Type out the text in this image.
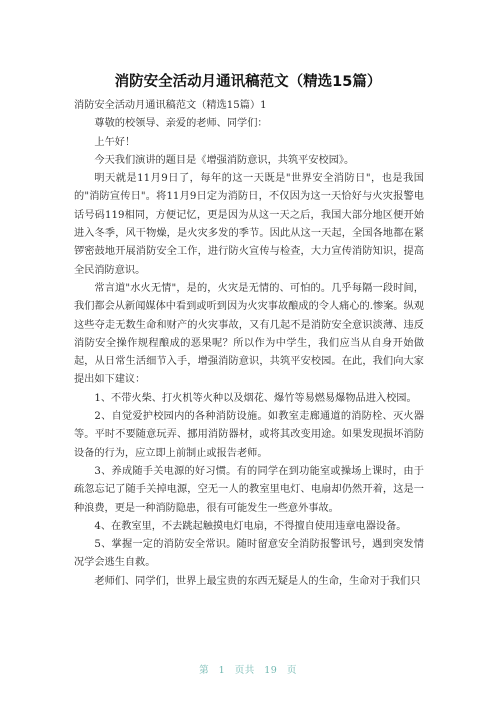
消防安全活动月通讯稿范文（精选15篇）

消防安全活动月通讯稿范文（精选15篇）1

尊敬的校领导、亲爱的老师、同学们：

上午好！

今天我们演讲的题目是《增强消防意识，共筑平安校园》。

明天就是11月9日了，每年的这一天既是"世界安全消防日"，也是我国的"消防宣传日"。将11月9日定为消防日，不仅因为这一天恰好与火灾报警电话号码119相同，方便记忆，更是因为从这一天之后，我国大部分地区便开始进入冬季，风干物燥，是火灾多发的季节。因此从这一天起，全国各地都在紧锣密鼓地开展消防安全工作，进行防火宣传与检查，大力宣传消防知识，提高全民消防意识。

常言道"水火无情"，是的，火灾是无情的、可怕的。几乎每隔一段时间，我们都会从新闻媒体中看到或听到因为火灾事故酿成的令人痛心的.惨案。纵观这些夺走无数生命和财产的火灾事故，又有几起不是消防安全意识淡薄、违反消防安全操作规程酿成的恶果呢？所以作为中学生，我们应当从自身开始做起，从日常生活细节入手，增强消防意识，共筑平安校园。在此，我们向大家提出如下建议：

1、不带火柴、打火机等火种以及烟花、爆竹等易燃易爆物品进入校园。

2、自觉爱护校园内的各种消防设施。如教室走廊通道的消防栓、灭火器等。平时不要随意玩弄、挪用消防器材，或将其改变用途。如果发现损坏消防设备的行为，应立即上前制止或报告老师。

3、养成随手关电源的好习惯。有的同学在到功能室或操场上课时，由于疏忽忘记了随手关掉电源，空无一人的教室里电灯、电扇却仍然开着，这是一种浪费，更是一种消防隐患，很有可能发生一些意外事故。

4、在教室里，不去跳起触摸电灯电扇，不得擅自使用违章电器设备。

5、掌握一定的消防安全常识。随时留意安全消防报警讯号，遇到突发情况学会逃生自救。

老师们、同学们，世界上最宝贵的东西无疑是人的生命，生命对于我们只

第 1 页共 19 页
